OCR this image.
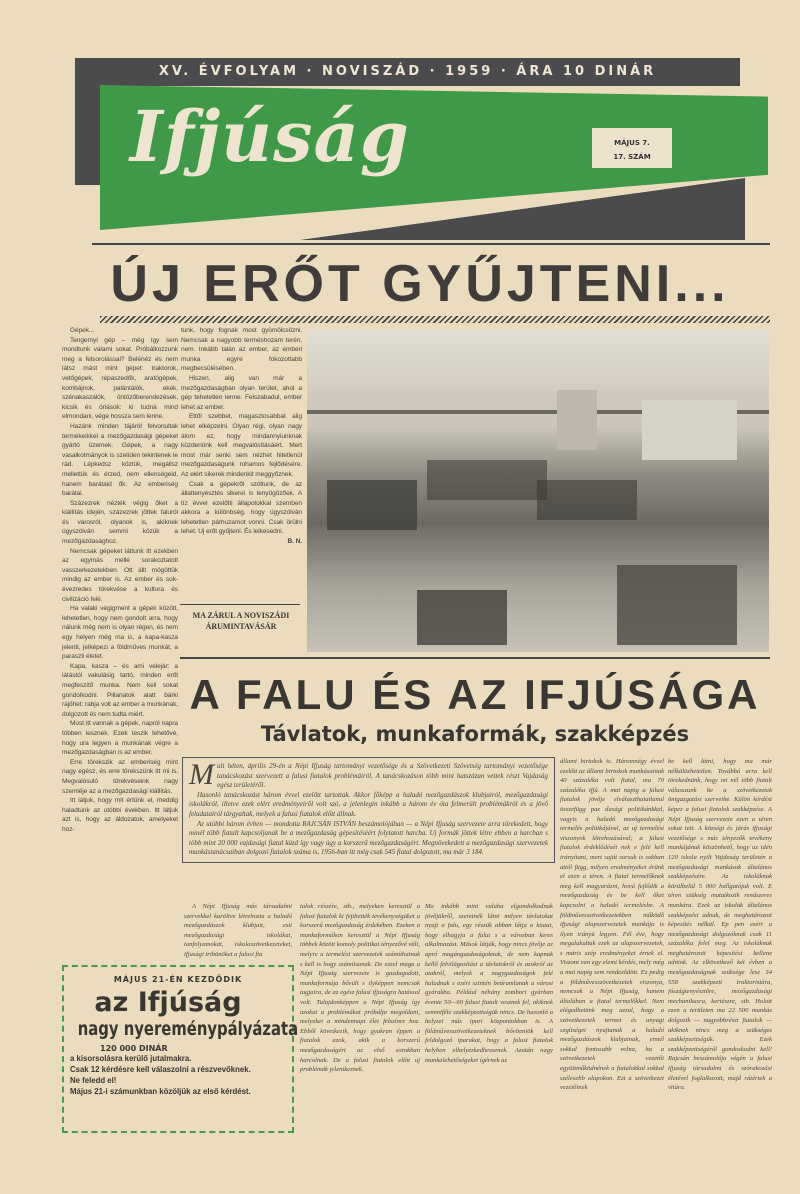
XV. ÉVFOLYAM · NOVISZÁD · 1959 · ÁRA 10 DINÁR
Ifjúság	MÁJUS 7.
17. SZÁM
ÚJ ERŐT GYŰJTENI...

Gépek...

Tengernyi gép – még így sem mondtunk valami sokat. Próbálkozzunk meg a felsorolással? Belénéz és nem látsz mást mint gépet: traktorok, vetőgépek, répaszedők, aratógépek, kombájnok, palántálók, ekék, szénakaszálók, öntözőberendezések, kicsik és óriások: ki tudná mind elmondani, vége hossza sem lenne.

Hazánk minden tájáról felvonultak termékeikkel a mezőgazdasági gépeket gyártó üzemek. Gépek, a nagy vasalkotmányok is szelíden tekintenek le rád. Lépkedsz köztük, megállsz mellettük és érzed, nem ellenségeid, hanem barátaid ők. Az emberiség barátai.

Százezrek nézték végig őket a kiállítás idején, százezrek jöttek faluról és városról, olyanok is, akiknek úgyszólván semmi közük a mezőgazdasághoz.

Nemcsak gépeket láttunk itt ezekben az egymás mellé sorakoztatott vasszerkezetekben. Ott állt mögöttük mindig az ember is. Az ember és sok-évezredes törekvése a kultura és civilizáció felé.

Ha valaki végigment a gépek között, lehetetlen, hogy nem gondolt arra, hogy nálunk még nem is olyan régen, és nem egy helyen még ma is, a kapa-kasza jelenti, jelképezi a földműves munkát, a paraszti életet.

Kapa, kasza – és ami velejár: a látástól vakulásig tartó, minden erőt megfeszítő munka. Nem kell sokat gondolkodni. Pillanatok alatt bárki rájöhet: rabja volt az ember a munkának, dolgozott és nem tudta miért.

Most itt vannak a gépek, napról napra többen lesznek. Ezek teszik lehetővé, hogy ura legyen a munkának végre a mezőgazdaságban is az ember.

Erre törekszik az emberiség mint nagy egész, és erre törekszünk itt mi is. Megvalósuló törekvéseink nagy szemléje az a mezőgazdasági kiállítás.

Itt látjuk, hogy mit értünk el, meddig haladtunk az utóbbi években. Itt látjuk azt is, hogy az áldozatok, amelyeket hoz-

tunk, hogy fognak most gyümölcsözni. Nemcsak a nagyobb terméshozam terén, nem. Inkább talán az ember, az emberi munka egyre fokozottabb megbecsülésében.

Hiszen, alig van már a mezőgazdaságban olyan terület, ahol a gép tehetetlen lenne. Felszabadul, ember lehet az ember.

Ettől szebbet, magasztosabbat alig lehet elképzelni. Olyan régi, olyan nagy álom ez, hogy mindannyiunknak küzdenünk kell megvalósításáért. Mert most már senki sem nézhet hitetlenül mezőgazdaságunk rohamos fejlődésére. Az elért sikerek mindenkit meggyőznek.

Csak a gépekről szóltunk, de az állattenyésztés sikerei is lenyűgözőek. A tíz évvel ezelőtti állapotokkal szemben akkora a különbség, hogy úgyszólván lehetetlen párhuzamot vonni. Csak örülni lehet. Uj erőt gyűjteni. És lelkesedni.

B. N.

MA ZÁRUL A NOVISZÁDI ÁRUMINTAVÁSÁR
A FALU ÉS AZ IFJÚSÁGA
Távlatok, munkaformák, szakképzés
M ult héten, április 29-én a Népi Ifjuság tartományi vezetősége és a Szövetkezeti Szövetség tartományi vezetősége tanácskozást szervezett a falusi fiatalok problémáiról. A tanácskozáson több mint hatszázan vettek részt Vajdaság egész területéről.

Hasonló tanácskozást három évvel ezelőtt tartottak. Akkor főképp a haladó mezőgazdászok klubjairól, mezőgazdasági iskolákról, illetve ezek elért eredményeiről volt szó, a jelenlegin inkább a három év óta felmerült problémákról és a jövő feladatairól tárgyaltak, melyek a falusi fiatalok előtt állnak.

Az utóbbi három évben — mondotta RAJCSÁN ISTVÁN beszámolójában — a Népi Ifjuság szervezete arra törekedett, hogy minél több fiatalt kapcsoljanak be a mezőgazdaság gépesítéséért folytatott harcba. Uj formák jöttek létre ebben a harcban s több mint 20 000 vajdasági fiatal küzd így vagy úgy a korszerű mezőgazdaságért. Megnövekedett a mezőgazdasági szervezetek munkástanácsaiban dolgozó fiatalok száma is, 1956-ban itt még csak 545 fiatal dolgozott, ma már 3 184.

állami birtokok is. Háromnégy évvel ezelőtt az állami birtokok munkásainak 40 százaléka volt fiatal, ma 70 százaléka ifjú. A mai napig a falusi fiatalok jövője elválaszthatatlanul összefügg paz dasági politikánkkal, vagyis a haladó mezőgazdasági termelés politikájával, az uj termelési viszonyok létrehozásával; a falusi fiatalok érdeklődését nek e felé kell irányítani, mert saját sorsuk is sokban attól függ, milyen eredményeket érünk el ezen a téren. A fiatal termelőknek meg kell magyarázni, hová fejlődik a mezőgazdaság és be kell őket kapcsolni a haladó termelésbe. A földművesszövetkezetekben működő ifjusági alapszervezetek munkája is ilyen irányú legyen. Fél éve, hogy megalakultak ezek az alapszervezetek, s máris szép eredményeket érnek el. Viszont van egy elemi kérdés, mely még a mai napig sem rendeződött. Ez pedig a földművesszövetkezetek viszonya, nemcsak a Népi Ifjuság, hanem általában a fiatal termelőkkel. Nem elégedhetünk meg azzal, hogy a szövetkezetek termet és anyagi segítséget nyujtanak a haladó mezőgazdászok klubjainak, ennél sokkal fontosabb volna, ha a szövetkezetek vezetői együttműködnének a fiatalokkal sokkal szélesebb alapokon. Ezt a szövetkezet vezetőinek

be kell látni, hogy ma már nélkülözhetetlen. Továbbá arra kell törekednünk, hogy mi nél több fiatalt válasszunk be a szövetkezetek önigazgatási szerveibe. Külön kérdést képez a falusi fiatalok szakképzése. A Népi Ifjuság szervezete ezen a téren sokat tett. A községi és járás ifjusági vezetősége s más tényezők tevékeny munkájának köszönhető, hogy az idén 120 iskola nyilt Vajdaság területén a mezőgazdasági munkások általános szakképzésére. Az iskoláknak körülbelül 5 000 hallgatójuk volt. E téren szükség mutatkozik rendszeres munkára. Ezek az iskolák általános szakképzést adnak, de meghatározott képesítés nélkül. Ep pen ezért a mezőgazdasági dolgozóknak csak 11 százaléka felel meg. Az iskoláknak meghatározott képesítést kellene adniok. Az elkövetkező két évben a mezőgazdaságnak szüksége lesz 34 558 szakképzett traktoristára, jószágtenyésztőre, mezőgazdasági mechanikusra, kertészre, stb. Holott ezen a területen ma 22 500 munkás dolgozik — nagyobbrészt fiatalok — akiknek nincs meg a szükséges szakképzettségük. Ezek szakképzettségéről gondoskodni kell! Rajcsán beszámolója végén a falusi ifjuság társadalmi és szórakozási életével foglalkozott, majd rátértek a vitára.

A Népi Ifjuság más társadalmi szervekkel karöltve létrehozta a haladó mezőgazdászok klubjait, esti mezőgazdasági iskolákat, tanfolyamokat, iskolaszövetkezeteket, ifjusági tribünöket a falusi fia

talok részére, stb., melyeken keresztül a falusi fiatalok ki fejthették tevékenységüket a korszerű mezőgazdaság érdekében. Ezeken a munkaformákon keresztül a Népi Ifjuság többek között komoly politikai tényezővé vált, melyre a termelési szervezetek számíthatnak s kell is hogy számítsanak. De ezzel maga a Népi Ifjuság szervezete is gazdagodott, munkaformája bővült s ilyképpen nemcsak tagjaira, de az egész falusi ifjuságra hatással volt. Tulajdonképpen a Népi Ifjuság így azokat a problémákat próbálja megoldani, melyeket a mindennapi élet felszínre hoz. Ebből következik, hogy gyakran éppen a fiatalok azok, akik a korszerű mezőgazdaságért az első sorokban harcolnak. De a falusi fiatalok előtt uj problémák jelentkeznek.

Ma inkább mint valaha elgondolkodnak jövőjükről, szeretnék látni milyen távlatokat nyujt a falu, egy részük abban látja a kiutat, hogy elhagyja a falut s a városban keres alkalmazást. Mások látják, hogy nincs jövője az apró magángazdaságoknak, de nem kapnak kellő felvilágosítást a távlatokról és azokról az utakról, melyek a nagygazdaságok felé haladnak s ezért szintén beáramlanak a városi gyárakba. Például néhány zombori gyárban évente 50—60 falusi fiatalt vesznek fel, akiknek semmiféle szakképzettségük nincs. De hasonló a helyzet más ipari központokban is. A földművesszövetkezeteknek bővíteniök kell feldolgozó iparukat, hogy a falusi fiatalok helyben elhelyezkedhessenek. Azután nagy munkalehetőségeket ígérnek az

MÁJUS 21-ÉN KEZDŐDIK
az Ifjúság
nagy nyereménypályázata
120 000 DINÁR
a kisorsolásra kerülő jutalmakra.
Csak 12 kérdésre kell válaszolni a részvevőknek.
Ne feledd el!
Május 21-i számunkban közöljük az első kérdést.
